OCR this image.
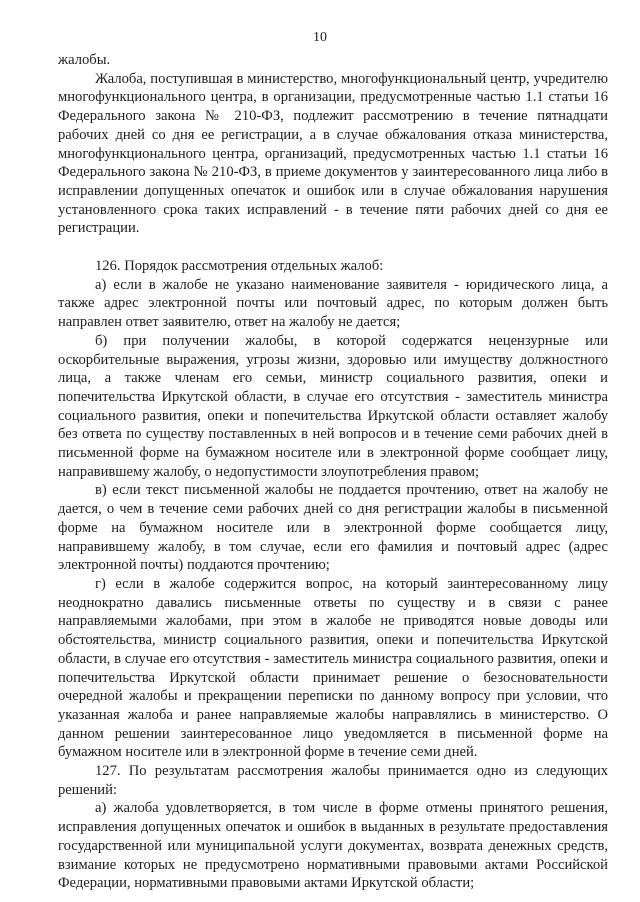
10

жалобы.

Жалоба, поступившая в министерство, многофункциональный центр, учредителю многофункционального центра, в организации, предусмотренные частью 1.1 статьи 16 Федерального закона № 210-ФЗ, подлежит рассмотрению в течение пятнадцати рабочих дней со дня ее регистрации, а в случае обжалования отказа министерства, многофункционального центра, организаций, предусмотренных частью 1.1 статьи 16 Федерального закона № 210-ФЗ, в приеме документов у заинтересованного лица либо в исправлении допущенных опечаток и ошибок или в случае обжалования нарушения установленного срока таких исправлений - в течение пяти рабочих дней со дня ее регистрации.

126. Порядок рассмотрения отдельных жалоб:

а) если в жалобе не указано наименование заявителя - юридического лица, а также адрес электронной почты или почтовый адрес, по которым должен быть направлен ответ заявителю, ответ на жалобу не дается;

б) при получении жалобы, в которой содержатся нецензурные или оскорбительные выражения, угрозы жизни, здоровью или имуществу должностного лица, а также членам его семьи, министр социального развития, опеки и попечительства Иркутской области, в случае его отсутствия - заместитель министра социального развития, опеки и попечительства Иркутской области оставляет жалобу без ответа по существу поставленных в ней вопросов и в течение семи рабочих дней в письменной форме на бумажном носителе или в электронной форме сообщает лицу, направившему жалобу, о недопустимости злоупотребления правом;

в) если текст письменной жалобы не поддается прочтению, ответ на жалобу не дается, о чем в течение семи рабочих дней со дня регистрации жалобы в письменной форме на бумажном носителе или в электронной форме сообщается лицу, направившему жалобу, в том случае, если его фамилия и почтовый адрес (адрес электронной почты) поддаются прочтению;

г) если в жалобе содержится вопрос, на который заинтересованному лицу неоднократно давались письменные ответы по существу и в связи с ранее направляемыми жалобами, при этом в жалобе не приводятся новые доводы или обстоятельства, министр социального развития, опеки и попечительства Иркутской области, в случае его отсутствия - заместитель министра социального развития, опеки и попечительства Иркутской области принимает решение о безосновательности очередной жалобы и прекращении переписки по данному вопросу при условии, что указанная жалоба и ранее направляемые жалобы направлялись в министерство. О данном решении заинтересованное лицо уведомляется в письменной форме на бумажном носителе или в электронной форме в течение семи дней.

127. По результатам рассмотрения жалобы принимается одно из следующих решений:

а) жалоба удовлетворяется, в том числе в форме отмены принятого решения, исправления допущенных опечаток и ошибок в выданных в результате предоставления государственной или муниципальной услуги документах, возврата денежных средств, взимание которых не предусмотрено нормативными правовыми актами Российской Федерации, нормативными правовыми актами Иркутской области;
